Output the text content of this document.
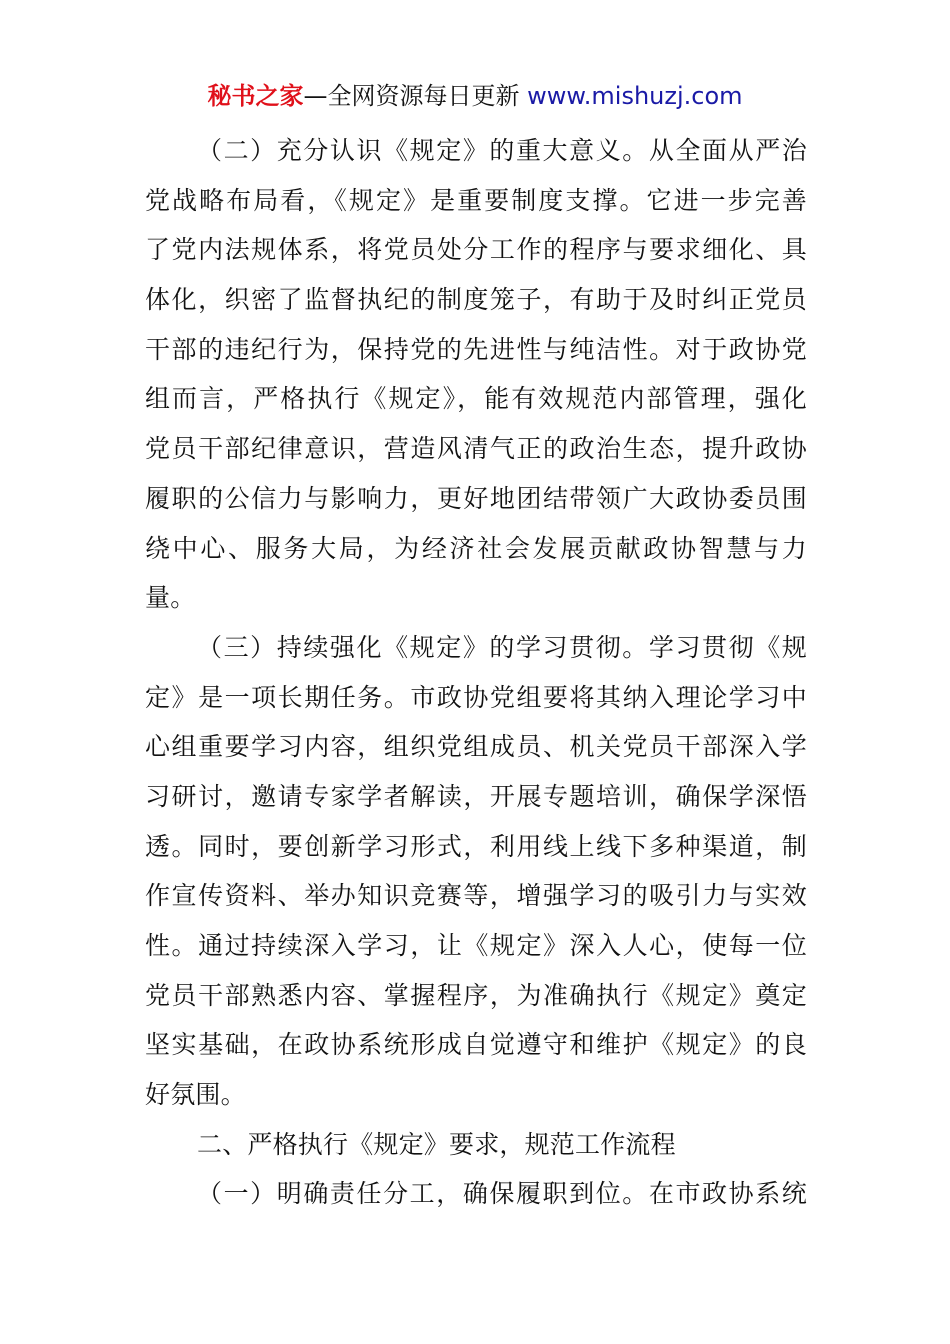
秘书之家—全网资源每日更新 www.mishuzj.com
（二）充分认识《规定》的重大意义。从全面从严治
党战略布局看，《规定》是重要制度支撑。它进一步完善
了党内法规体系，将党员处分工作的程序与要求细化、具
体化，织密了监督执纪的制度笼子，有助于及时纠正党员
干部的违纪行为，保持党的先进性与纯洁性。对于政协党
组而言，严格执行《规定》，能有效规范内部管理，强化
党员干部纪律意识，营造风清气正的政治生态，提升政协
履职的公信力与影响力，更好地团结带领广大政协委员围
绕中心、服务大局，为经济社会发展贡献政协智慧与力
量。
（三）持续强化《规定》的学习贯彻。学习贯彻《规
定》是一项长期任务。市政协党组要将其纳入理论学习中
心组重要学习内容，组织党组成员、机关党员干部深入学
习研讨，邀请专家学者解读，开展专题培训，确保学深悟
透。同时，要创新学习形式，利用线上线下多种渠道，制
作宣传资料、举办知识竞赛等，增强学习的吸引力与实效
性。通过持续深入学习，让《规定》深入人心，使每一位
党员干部熟悉内容、掌握程序，为准确执行《规定》奠定
坚实基础，在政协系统形成自觉遵守和维护《规定》的良
好氛围。
二、严格执行《规定》要求，规范工作流程
（一）明确责任分工，确保履职到位。在市政协系统
